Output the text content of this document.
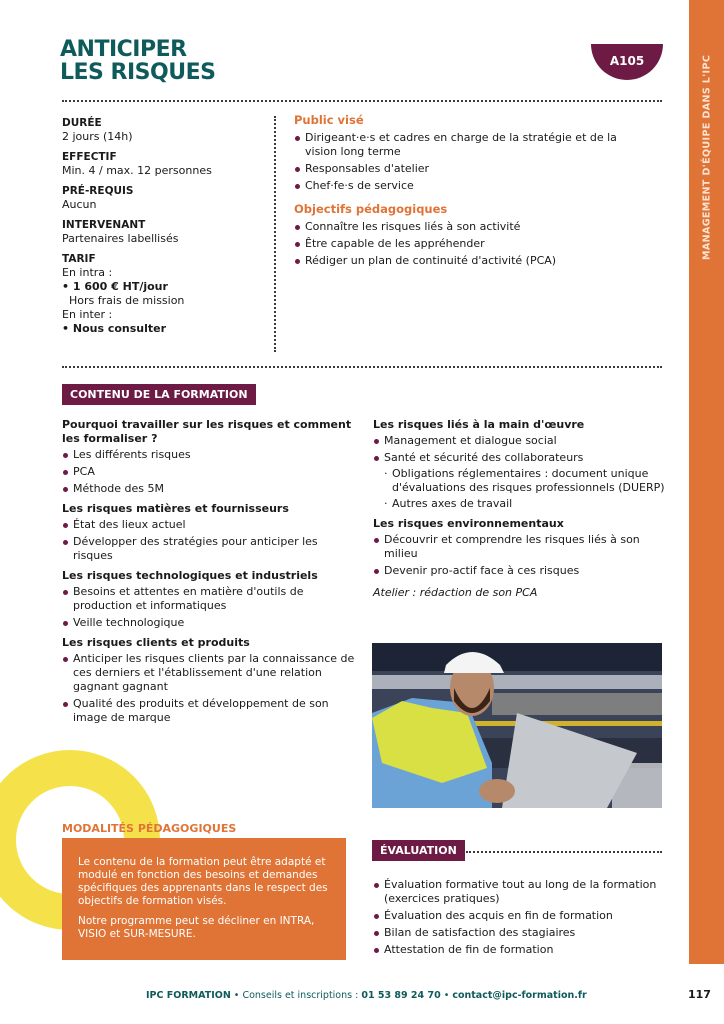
MANAGEMENT D'ÉQUIPE DANS L'IPC
ANTICIPER
LES RISQUES	A105
DURÉE
2 jours (14h)
EFFECTIF
Min. 4 / max. 12 personnes
PRÉ-REQUIS
Aucun
INTERVENANT
Partenaires labellisés
TARIF
En intra :
• 1 600 € HT/jour
Hors frais de mission
En inter :
• Nous consulter
Public visé
Dirigeant·e·s et cadres en charge de la stratégie et de la vision long terme
Responsables d'atelier
Chef·fe·s de service
Objectifs pédagogiques
Connaître les risques liés à son activité
Être capable de les appréhender
Rédiger un plan de continuité d'activité (PCA)
CONTENU DE LA FORMATION
Pourquoi travailler sur les risques et comment les formaliser ?
Les différents risques
PCA
Méthode des 5M
Les risques matières et fournisseurs
État des lieux actuel
Développer des stratégies pour anticiper les risques
Les risques technologiques et industriels
Besoins et attentes en matière d'outils de production et informatiques
Veille technologique
Les risques clients et produits
Anticiper les risques clients par la connaissance de ces derniers et l'établissement d'une relation gagnant gagnant
Qualité des produits et développement de son image de marque
Les risques liés à la main d'œuvre
Management et dialogue social
Santé et sécurité des collaborateurs
· Obligations réglementaires : document unique d'évaluations des risques professionnels (DUERP)
· Autres axes de travail
Les risques environnementaux
Découvrir et comprendre les risques liés à son milieu
Devenir pro-actif face à ces risques
Atelier : rédaction de son PCA
MODALITÉS PÉDAGOGIQUES

Le contenu de la formation peut être adapté et modulé en fonction des besoins et demandes spécifiques des apprenants dans le respect des objectifs de formation visés.

Notre programme peut se décliner en INTRA, VISIO et SUR-MESURE.

ÉVALUATION
Évaluation formative tout au long de la formation (exercices pratiques)
Évaluation des acquis en fin de formation
Bilan de satisfaction des stagiaires
Attestation de fin de formation
IPC FORMATION • Conseils et inscriptions : 01 53 89 24 70 • contact@ipc-formation.fr	117
